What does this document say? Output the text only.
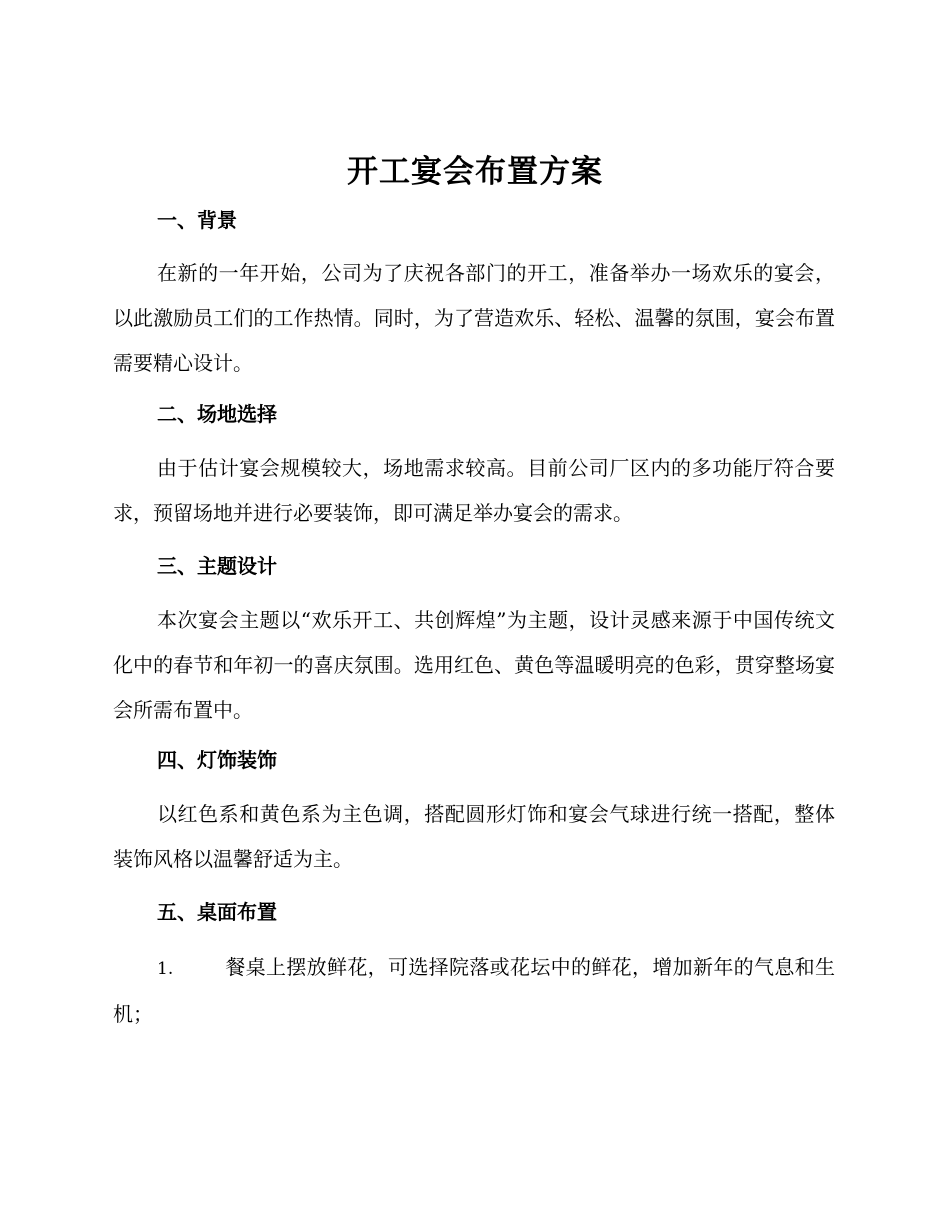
开工宴会布置方案
一、背景

在新的一年开始，公司为了庆祝各部门的开工，准备举办一场欢乐的宴会，以此激励员工们的工作热情。同时，为了营造欢乐、轻松、温馨的氛围，宴会布置需要精心设计。

二、场地选择

由于估计宴会规模较大，场地需求较高。目前公司厂区内的多功能厅符合要求，预留场地并进行必要装饰，即可满足举办宴会的需求。

三、主题设计

本次宴会主题以“欢乐开工、共创辉煌”为主题，设计灵感来源于中国传统文化中的春节和年初一的喜庆氛围。选用红色、黄色等温暖明亮的色彩，贯穿整场宴会所需布置中。

四、灯饰装饰

以红色系和黄色系为主色调，搭配圆形灯饰和宴会气球进行统一搭配，整体装饰风格以温馨舒适为主。

五、桌面布置

1.	餐桌上摆放鲜花，可选择院落或花坛中的鲜花，增加新年的气息和生机；
